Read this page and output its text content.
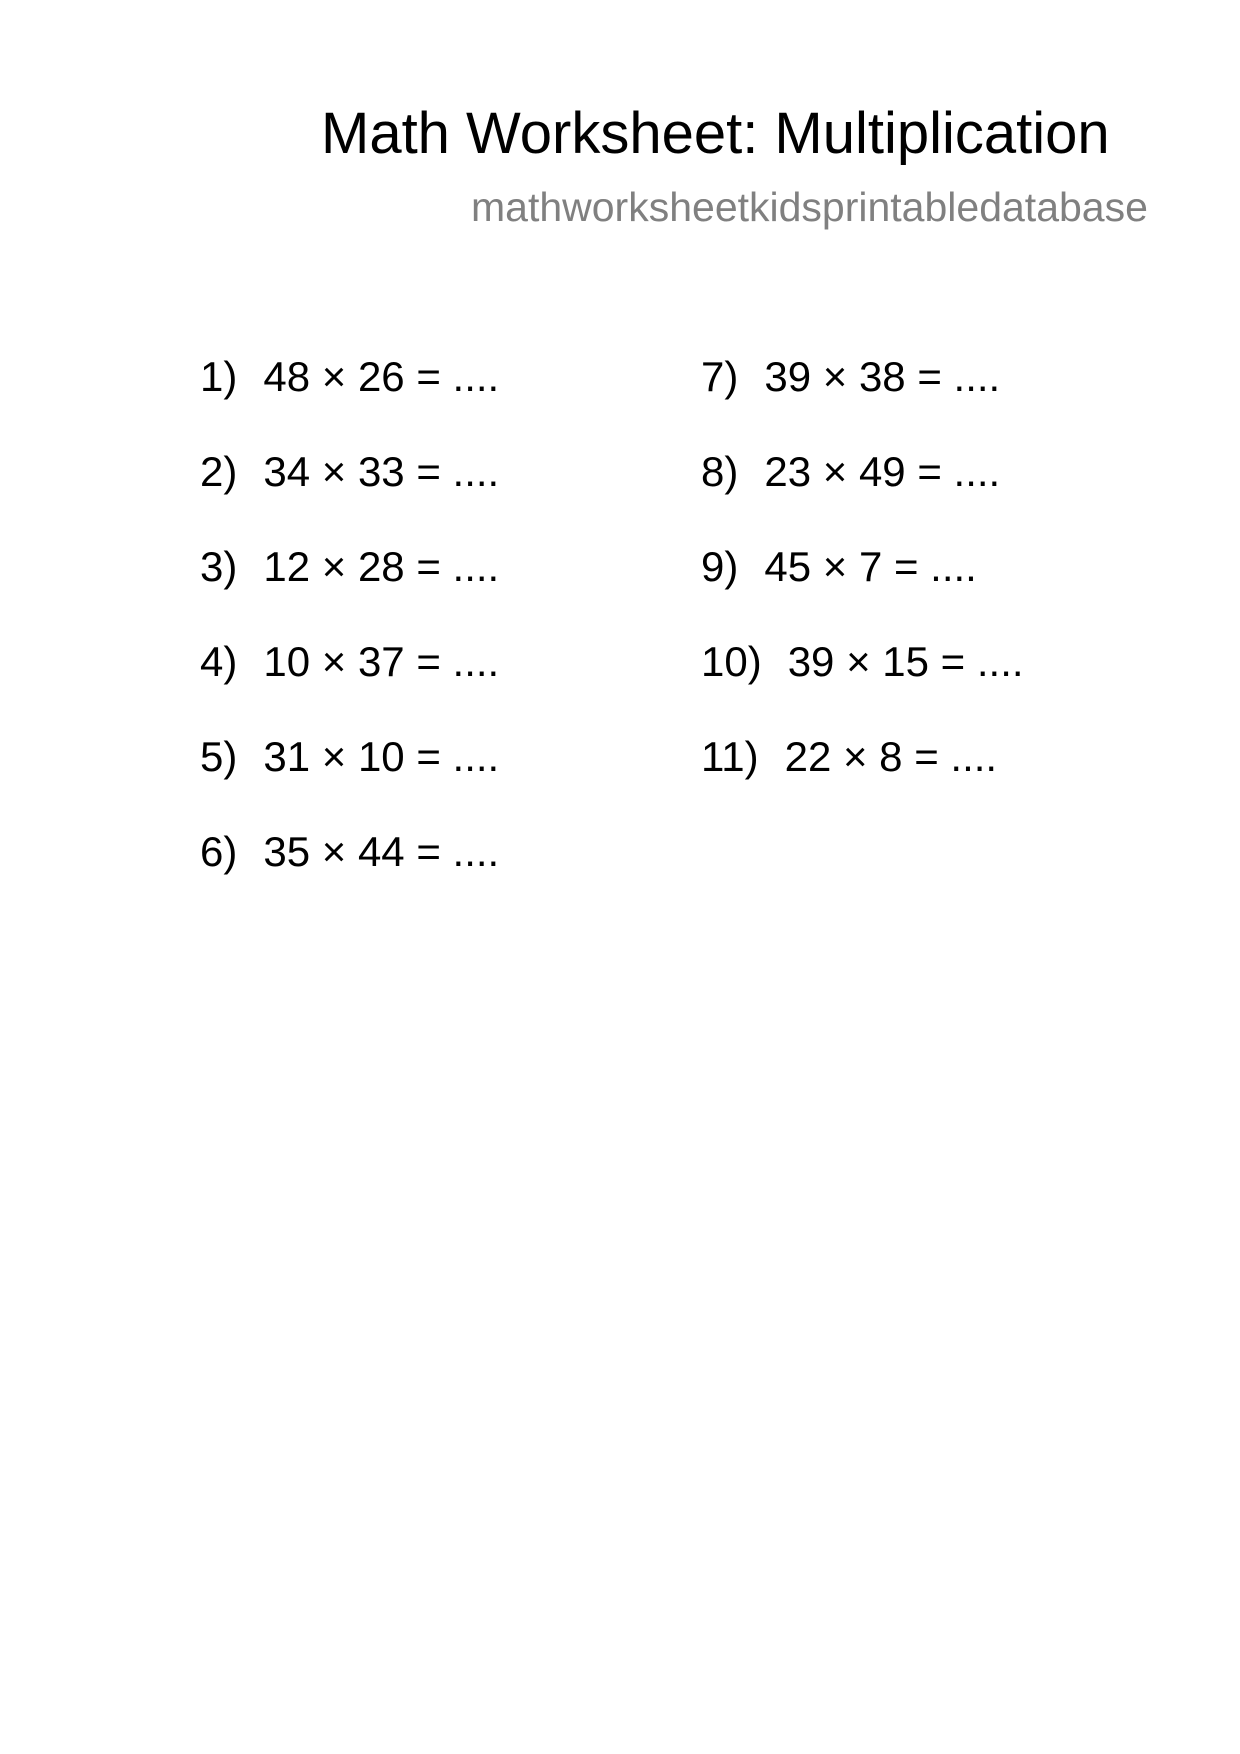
Math Worksheet: Multiplication
mathworksheetkidsprintabledatabase
1) 48 × 26 = ....
2) 34 × 33 = ....
3) 12 × 28 = ....
4) 10 × 37 = ....
5) 31 × 10 = ....
6) 35 × 44 = ....
7) 39 × 38 = ....
8) 23 × 49 = ....
9) 45 × 7 = ....
10) 39 × 15 = ....
11) 22 × 8 = ....
